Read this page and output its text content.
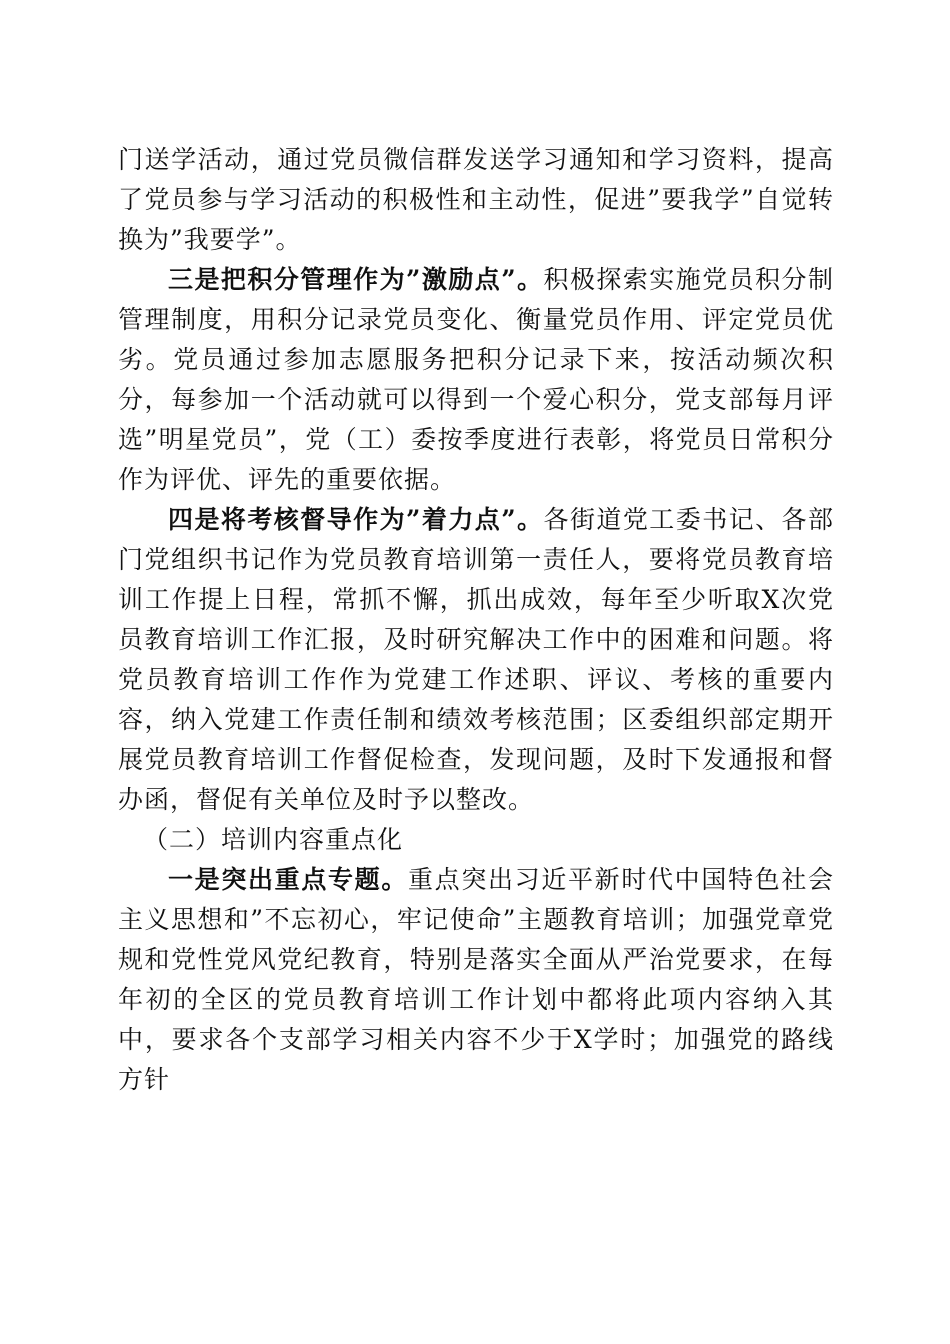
门送学活动，通过党员微信群发送学习通知和学习资料，提高了党员参与学习活动的积极性和主动性，促进”要我学”自觉转换为”我要学”。

三是把积分管理作为”激励点”。积极探索实施党员积分制管理制度，用积分记录党员变化、衡量党员作用、评定党员优劣。党员通过参加志愿服务把积分记录下来，按活动频次积分，每参加一个活动就可以得到一个爱心积分，党支部每月评选”明星党员”，党（工）委按季度进行表彰，将党员日常积分作为评优、评先的重要依据。

四是将考核督导作为”着力点”。各街道党工委书记、各部门党组织书记作为党员教育培训第一责任人，要将党员教育培训工作提上日程，常抓不懈，抓出成效，每年至少听取X次党员教育培训工作汇报，及时研究解决工作中的困难和问题。将党员教育培训工作作为党建工作述职、评议、考核的重要内容，纳入党建工作责任制和绩效考核范围；区委组织部定期开展党员教育培训工作督促检查，发现问题，及时下发通报和督办函，督促有关单位及时予以整改。

（二）培训内容重点化

一是突出重点专题。重点突出习近平新时代中国特色社会主义思想和”不忘初心，牢记使命”主题教育培训；加强党章党规和党性党风党纪教育，特别是落实全面从严治党要求，在每年初的全区的党员教育培训工作计划中都将此项内容纳入其中，要求各个支部学习相关内容不少于X学时；加强党的路线方针
